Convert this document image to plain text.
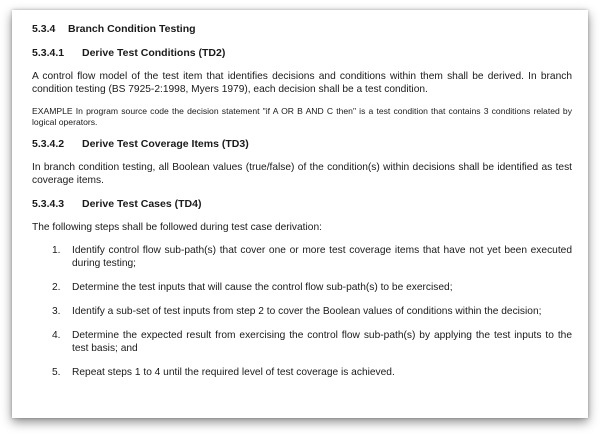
5.3.4 Branch Condition Testing
5.3.4.1 Derive Test Conditions (TD2)

A control flow model of the test item that identifies decisions and conditions within them shall be derived. In branch condition testing (BS 7925-2:1998, Myers 1979), each decision shall be a test condition.

EXAMPLE In program source code the decision statement "if A OR B AND C then" is a test condition that contains 3 conditions related by logical operators.

5.3.4.2 Derive Test Coverage Items (TD3)

In branch condition testing, all Boolean values (true/false) of the condition(s) within decisions shall be identified as test coverage items.

5.3.4.3 Derive Test Cases (TD4)

The following steps shall be followed during test case derivation:

1.	Identify control flow sub-path(s) that cover one or more test coverage items that have not yet been executed during testing;
2.	Determine the test inputs that will cause the control flow sub-path(s) to be exercised;
3.	Identify a sub-set of test inputs from step 2 to cover the Boolean values of conditions within the decision;
4.	Determine the expected result from exercising the control flow sub-path(s) by applying the test inputs to the test basis; and
5.	Repeat steps 1 to 4 until the required level of test coverage is achieved.
